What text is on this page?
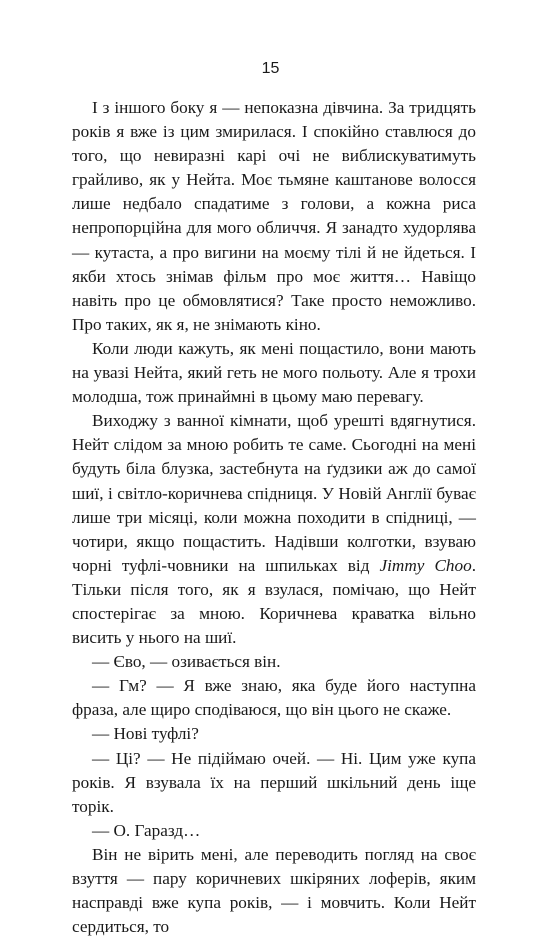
15

І з іншого боку я — непоказна дівчина. За тридцять років я вже із цим змирилася. І спокійно ставлюся до того, що невиразні карі очі не виблискуватимуть грайливо, як у Нейта. Моє тьмяне каштанове волосся лише недбало спадатиме з голови, а кожна риса непропорційна для мого обличчя. Я занадто худорлява — кутаста, а про вигини на моєму тілі й не йдеться. І якби хтось знімав фільм про моє життя… Навіщо навіть про це обмовлятися? Таке просто неможливо. Про таких, як я, не знімають кіно.

Коли люди кажуть, як мені пощастило, вони мають на увазі Нейта, який геть не мого польоту. Але я трохи молодша, тож принаймні в цьому маю перевагу.

Виходжу з ванної кімнати, щоб урешті вдягнутися. Нейт слідом за мною робить те саме. Сьогодні на мені будуть біла блузка, застебнута на ґудзики аж до самої шиї, і світло-коричнева спідниця. У Новій Англії буває лише три місяці, коли можна походити в спідниці, — чотири, якщо пощастить. Надівши колготки, взуваю чорні туфлі-човники на шпильках від Jimmy Choo. Тільки після того, як я взулася, помічаю, що Нейт спостерігає за мною. Коричнева краватка вільно висить у нього на шиї.

— Єво, — озивається він.

— Гм? — Я вже знаю, яка буде його наступна фраза, але щиро сподіваюся, що він цього не скаже.

— Нові туфлі?

— Ці? — Не підіймаю очей. — Ні. Цим уже купа років. Я взувала їх на перший шкільний день іще торік.

— О. Гаразд…

Він не вірить мені, але переводить погляд на своє взуття — пару коричневих шкіряних лоферів, яким насправді вже купа років, — і мовчить. Коли Нейт сердиться, то
